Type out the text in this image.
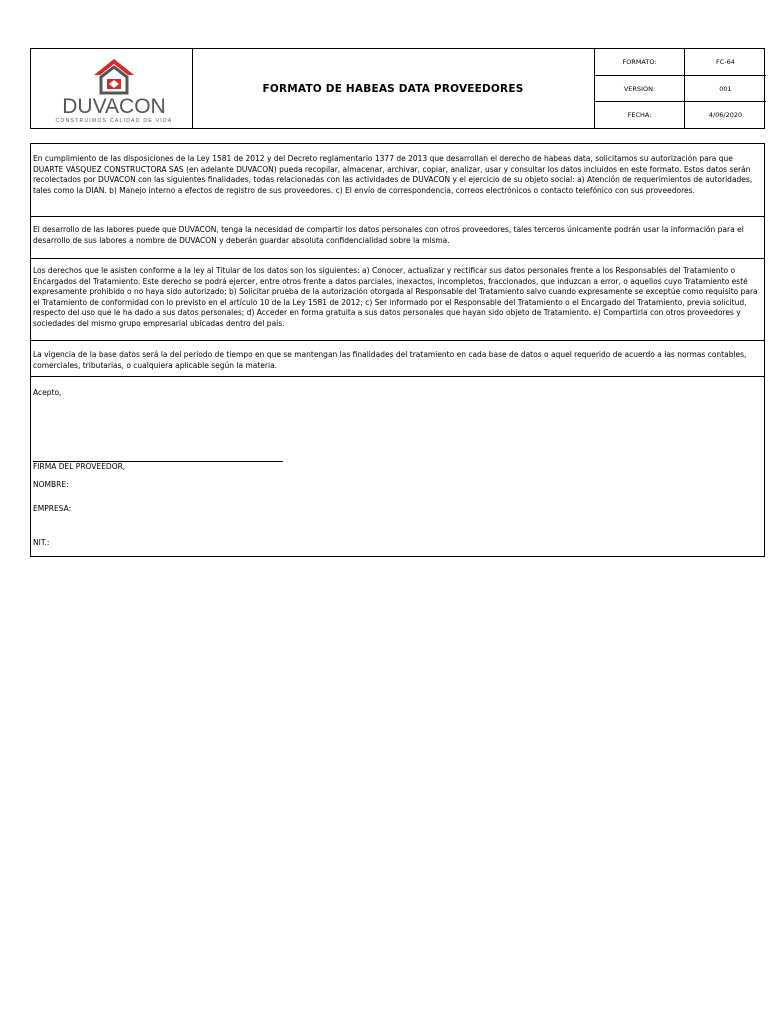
DUVACON
CONSTRUIMOS CALIDAD DE VIDA
FORMATO DE HABEAS DATA PROVEEDORES
FORMATO:	FC-64
VERSION:	001
FECHA:	4/06/2020

En cumplimiento de las disposiciones de la Ley 1581 de 2012 y del Decreto reglamentario 1377 de 2013 que desarrollan el derecho de habeas data, solicitamos su autorización para que DUARTE VÁSQUEZ CONSTRUCTORA SAS (en adelante DUVACON) pueda recopilar, almacenar, archivar, copiar, analizar, usar y consultar los datos incluidos en este formato. Estos datos serán recolectados por DUVACON con las siguientes finalidades, todas relacionadas con las actividades de DUVACON y el ejercicio de su objeto social: a) Atención de requerimientos de autoridades, tales como la DIAN. b) Manejo interno a efectos de registro de sus proveedores. c) El envío de correspondencia, correos electrónicos o contacto telefónico con sus proveedores.

El desarrollo de las labores puede que DUVACON, tenga la necesidad de compartir los datos personales con otros proveedores, tales terceros únicamente podrán usar la información para el desarrollo de sus labores a nombre de DUVACON y deberán guardar absoluta confidencialidad sobre la misma.

Los derechos que le asisten conforme a la ley al Titular de los datos son los siguientes: a) Conocer, actualizar y rectificar sus datos personales frente a los Responsables del Tratamiento o Encargados del Tratamiento. Este derecho se podrá ejercer, entre otros frente a datos parciales, inexactos, incompletos, fraccionados, que induzcan a error, o aquellos cuyo Tratamiento esté expresamente prohibido o no haya sido autorizado; b) Solicitar prueba de la autorización otorgada al Responsable del Tratamiento salvo cuando expresamente se exceptúe como requisito para el Tratamiento de conformidad con lo previsto en el artículo 10 de la Ley 1581 de 2012; c) Ser informado por el Responsable del Tratamiento o el Encargado del Tratamiento, previa solicitud, respecto del uso que le ha dado a sus datos personales; d) Acceder en forma gratuita a sus datos personales que hayan sido objeto de Tratamiento. e) Compartirla con otros proveedores y sociedades del mismo grupo empresarial ubicadas dentro del país.

La vigencia de la base datos será la del periodo de tiempo en que se mantengan las finalidades del tratamiento en cada base de datos o aquel requerido de acuerdo a las normas contables, comerciales, tributarias, o cualquiera aplicable según la materia.

Acepto,
FIRMA DEL PROVEEDOR,
NOMBRE:
EMPRESA:
NIT.:
